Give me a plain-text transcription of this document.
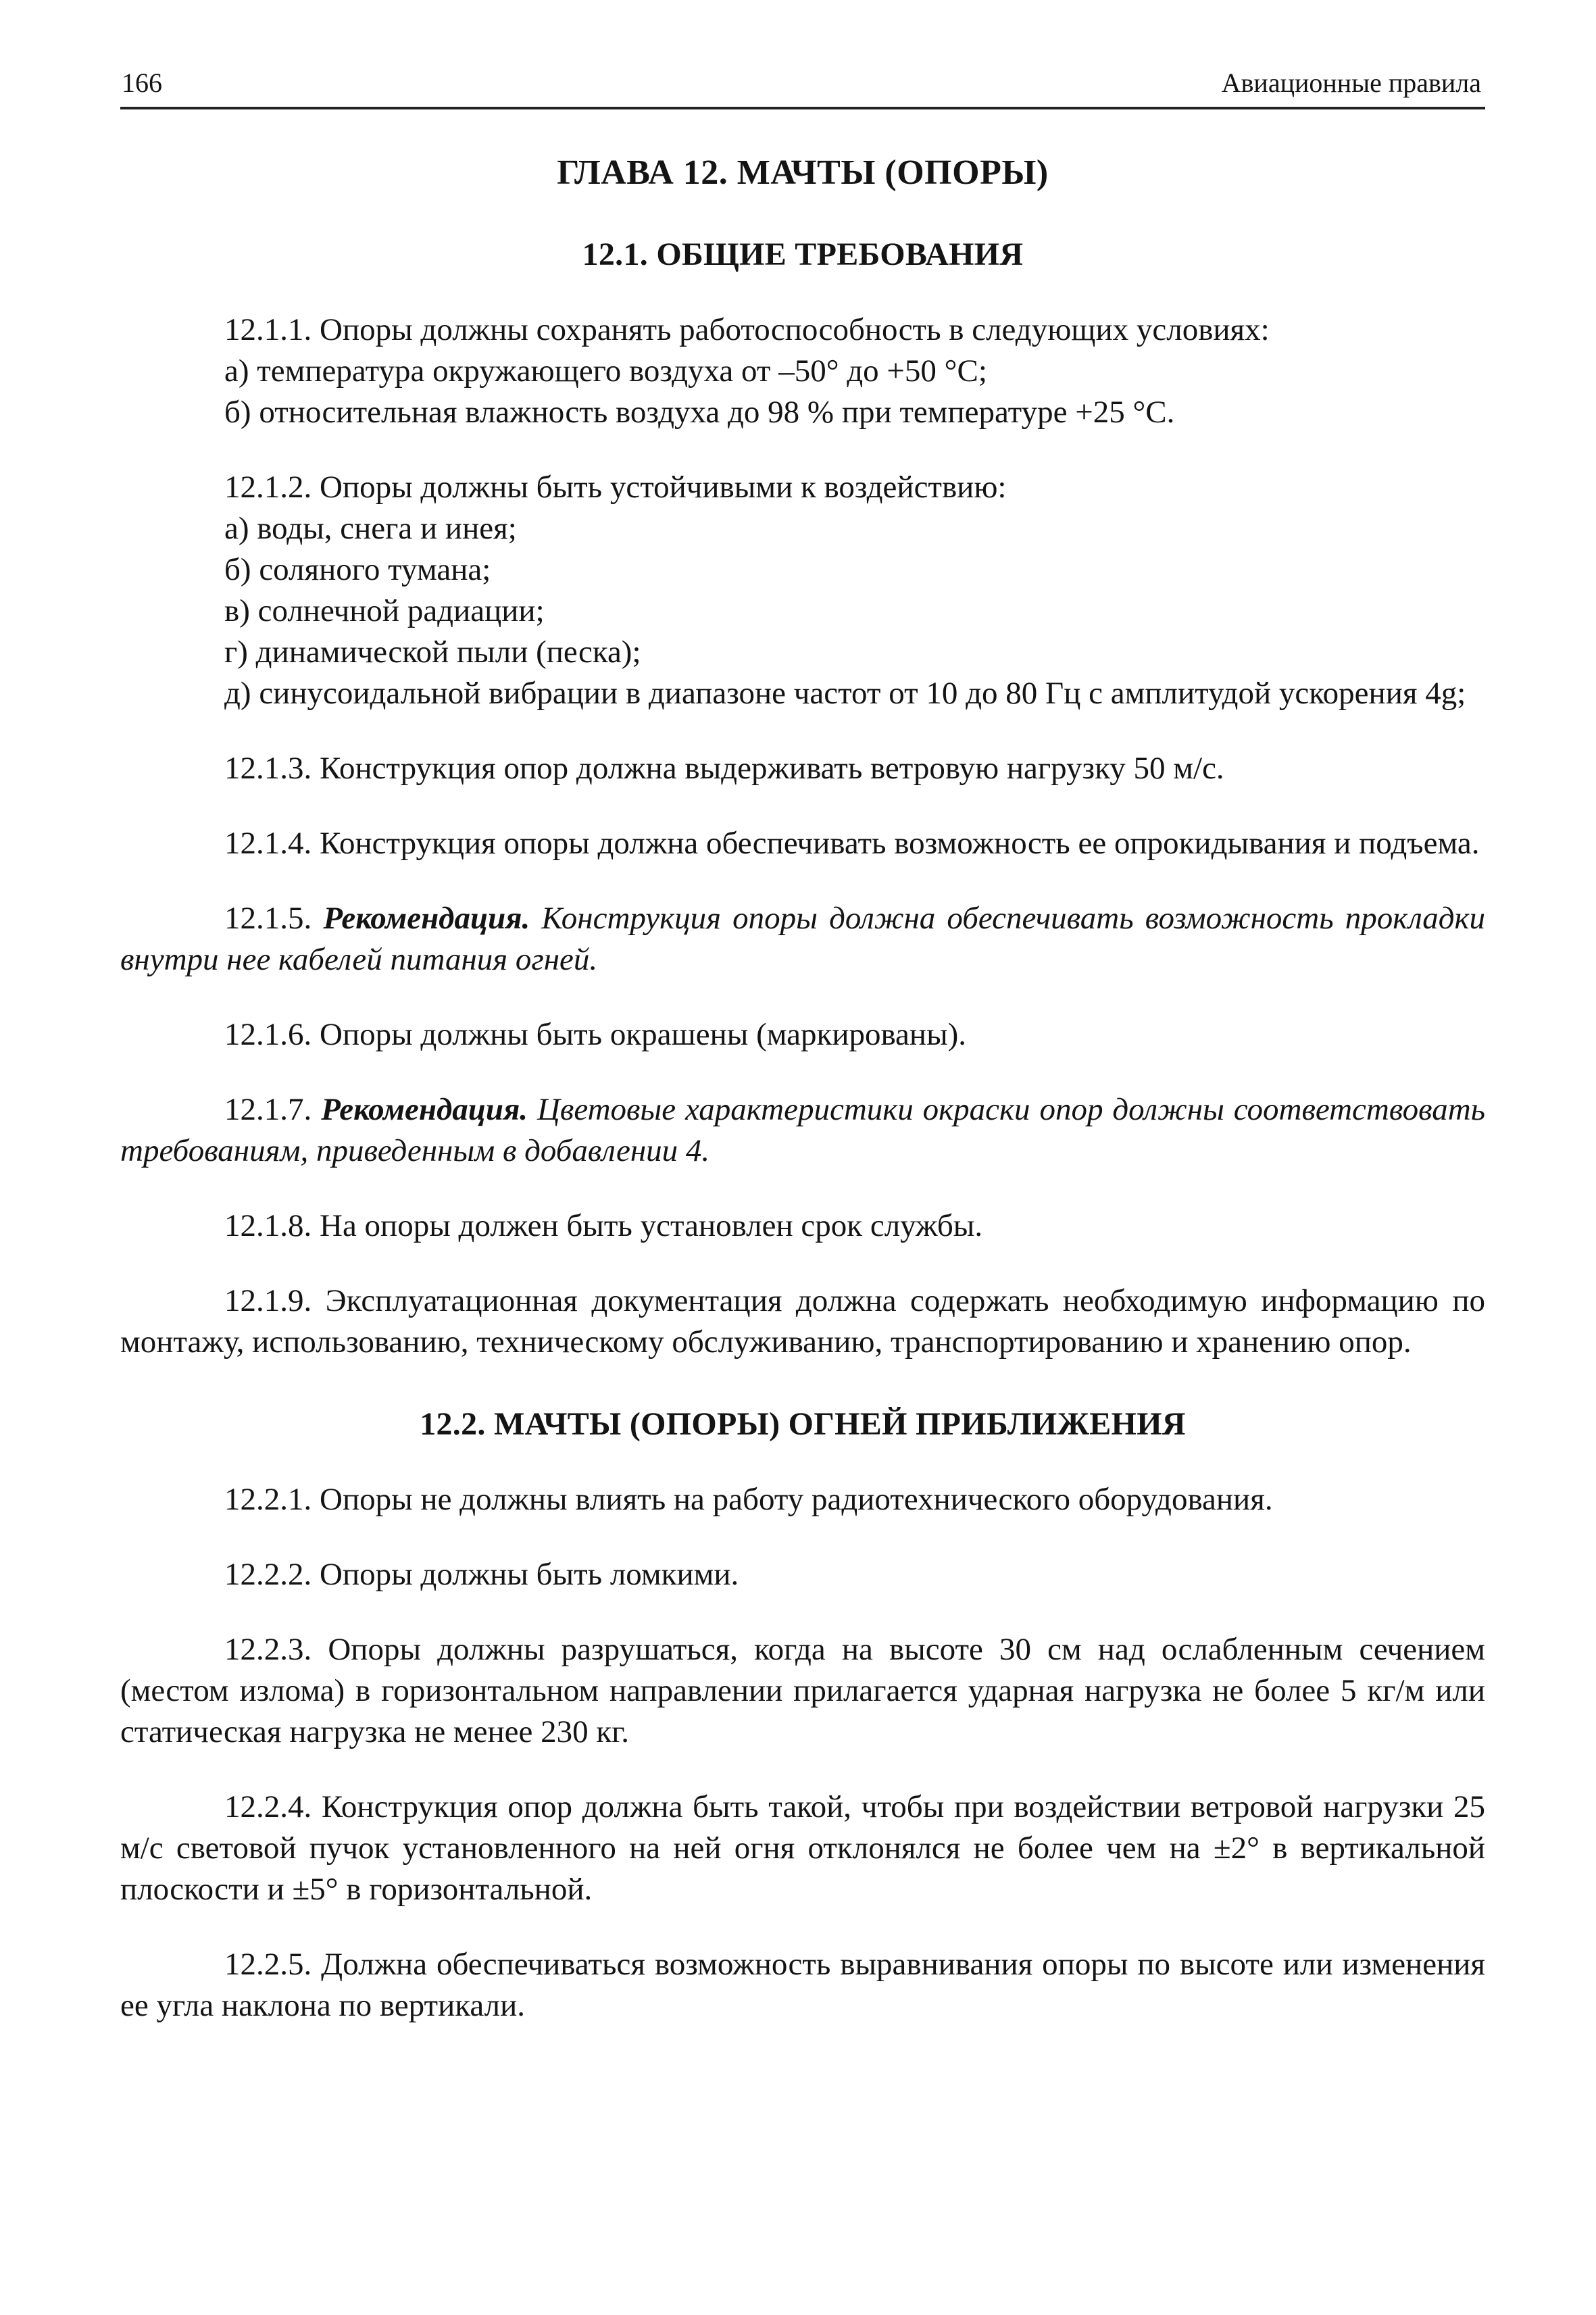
166	Авиационные правила
ГЛАВА 12. МАЧТЫ (ОПОРЫ)
12.1. ОБЩИЕ ТРЕБОВАНИЯ

12.1.1. Опоры должны сохранять работоспособность в следующих условиях:

а) температура окружающего воздуха от –50° до +50 °С;

б) относительная влажность воздуха до 98 % при температуре +25 °С.

12.1.2. Опоры должны быть устойчивыми к воздействию:

а) воды, снега и инея;

б) соляного тумана;

в) солнечной радиации;

г) динамической пыли (песка);

д) синусоидальной вибрации в диапазоне частот от 10 до 80 Гц с амплитудой ускорения 4g;

12.1.3. Конструкция опор должна выдерживать ветровую нагрузку 50 м/с.

12.1.4. Конструкция опоры должна обеспечивать возможность ее опрокидывания и подъема.

12.1.5. Рекомендация. Конструкция опоры должна обеспечивать возможность прокладки внутри нее кабелей питания огней.

12.1.6. Опоры должны быть окрашены (маркированы).

12.1.7. Рекомендация. Цветовые характеристики окраски опор должны соответствовать требованиям, приведенным в добавлении 4.

12.1.8. На опоры должен быть установлен срок службы.

12.1.9. Эксплуатационная документация должна содержать необходимую информацию по монтажу, использованию, техническому обслуживанию, транспортированию и хранению опор.

12.2. МАЧТЫ (ОПОРЫ) ОГНЕЙ ПРИБЛИЖЕНИЯ

12.2.1. Опоры не должны влиять на работу радиотехнического оборудования.

12.2.2. Опоры должны быть ломкими.

12.2.3. Опоры должны разрушаться, когда на высоте 30 см над ослабленным сечением (местом излома) в горизонтальном направлении прилагается ударная нагрузка не более 5 кг/м или статическая нагрузка не менее 230 кг.

12.2.4. Конструкция опор должна быть такой, чтобы при воздействии ветровой нагрузки 25 м/с световой пучок установленного на ней огня отклонялся не более чем на ±2° в вертикальной плоскости и ±5° в горизонтальной.

12.2.5. Должна обеспечиваться возможность выравнивания опоры по высоте или изменения ее угла наклона по вертикали.
